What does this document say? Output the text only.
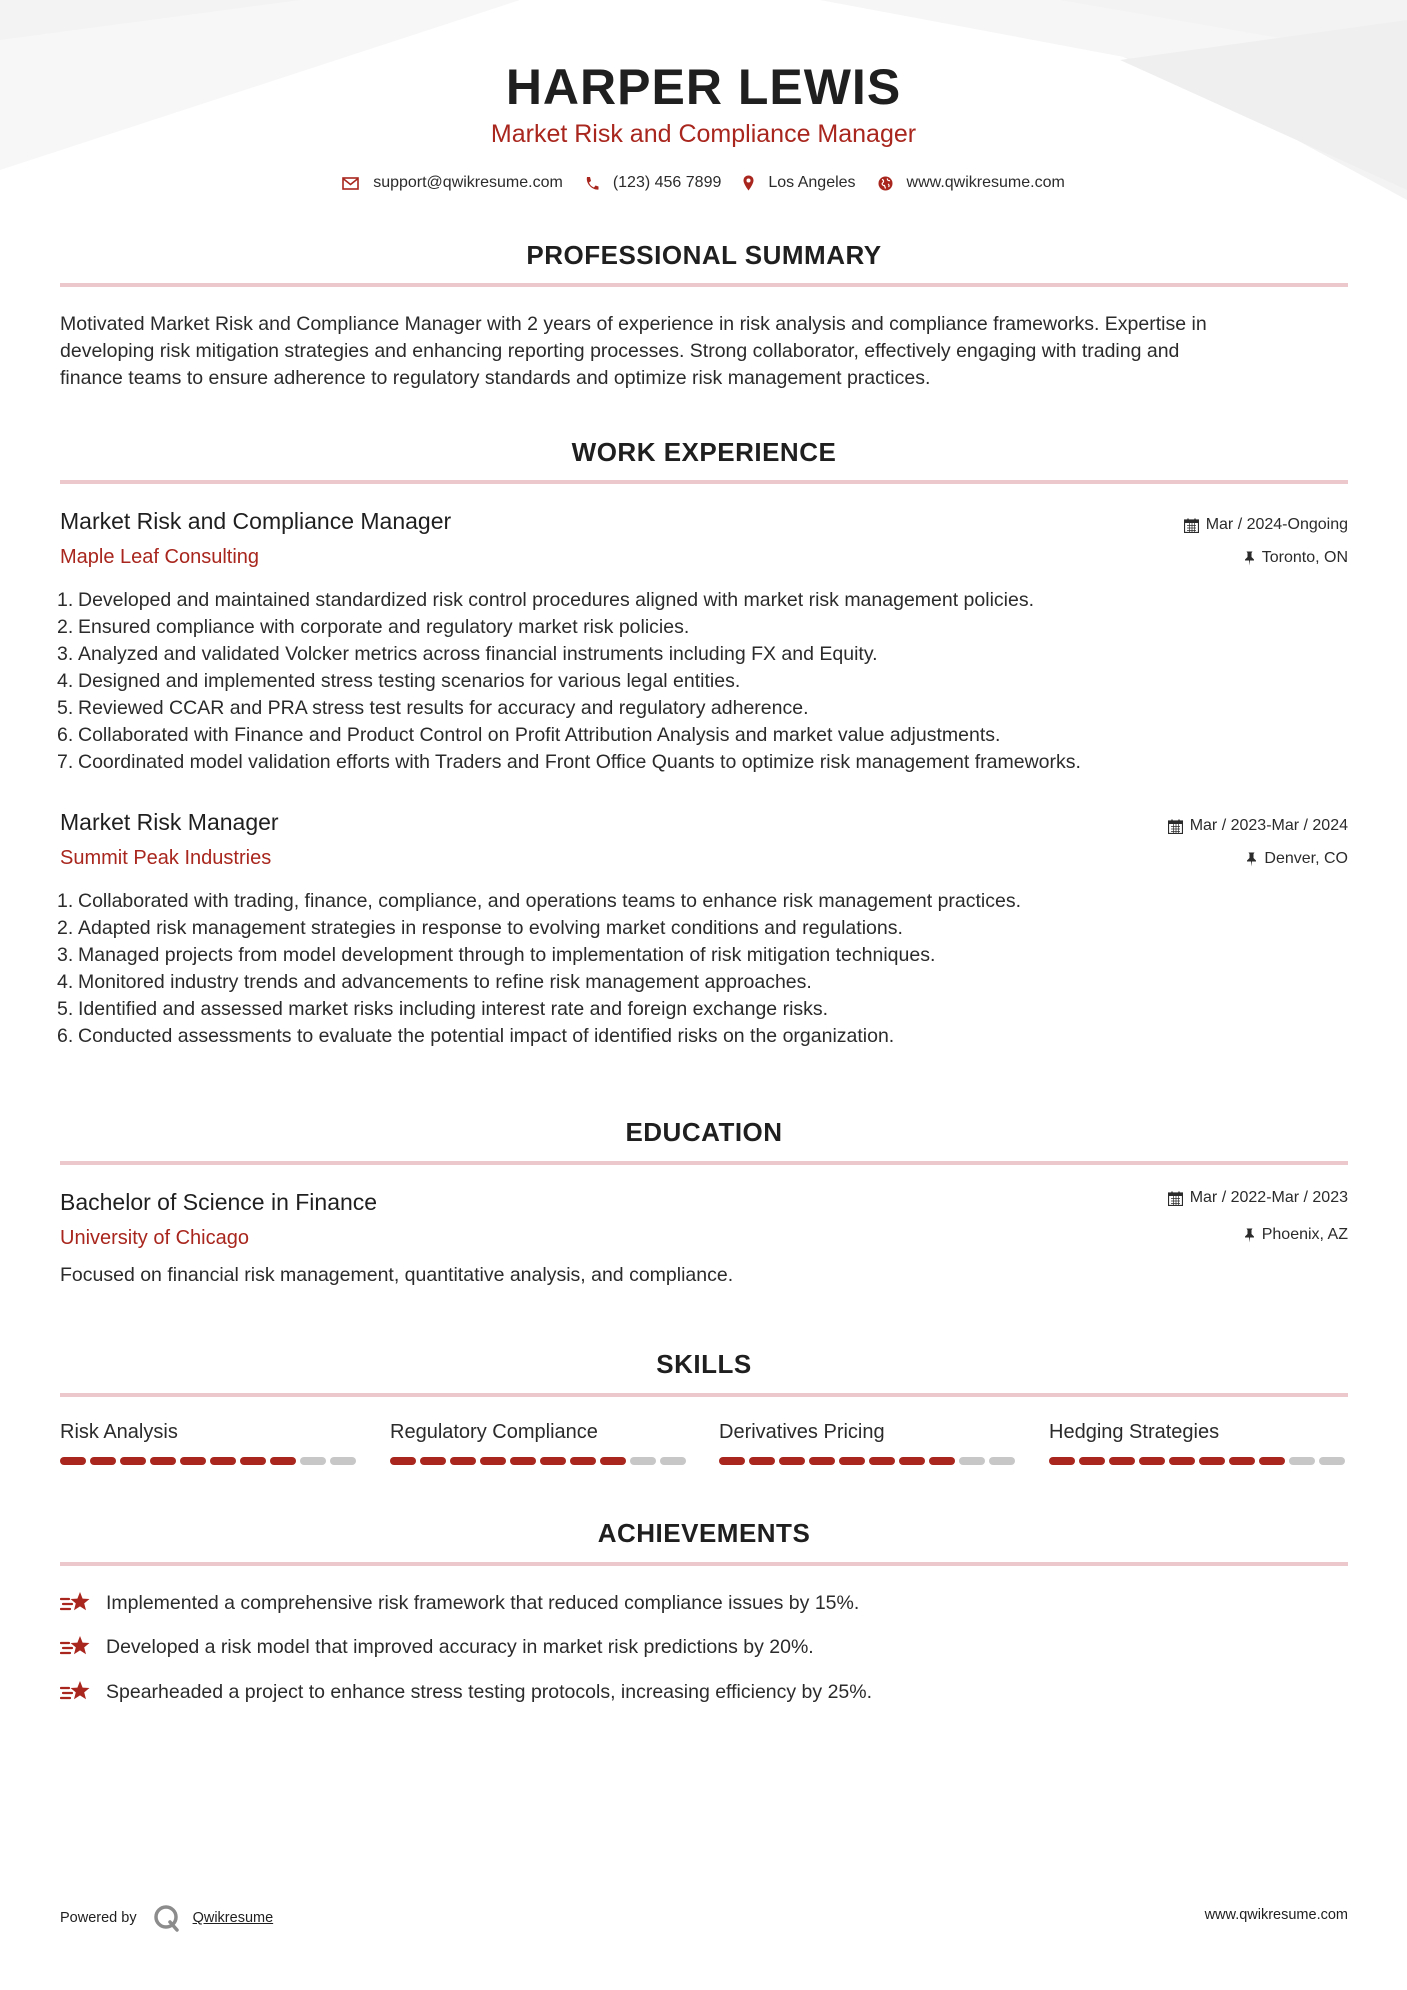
HARPER LEWIS
Market Risk and Compliance Manager
support@qwikresume.com	(123) 456 7899	Los Angeles	www.qwikresume.com
PROFESSIONAL SUMMARY
Motivated Market Risk and Compliance Manager with 2 years of experience in risk analysis and compliance frameworks. Expertise in
developing risk mitigation strategies and enhancing reporting processes. Strong collaborator, effectively engaging with trading and
finance teams to ensure adherence to regulatory standards and optimize risk management practices.
WORK EXPERIENCE
Market Risk and Compliance Manager	Mar / 2024-Ongoing
Maple Leaf Consulting	Toronto, ON
1. Developed and maintained standardized risk control procedures aligned with market risk management policies.
2. Ensured compliance with corporate and regulatory market risk policies.
3. Analyzed and validated Volcker metrics across financial instruments including FX and Equity.
4. Designed and implemented stress testing scenarios for various legal entities.
5. Reviewed CCAR and PRA stress test results for accuracy and regulatory adherence.
6. Collaborated with Finance and Product Control on Profit Attribution Analysis and market value adjustments.
7. Coordinated model validation efforts with Traders and Front Office Quants to optimize risk management frameworks.
Market Risk Manager	Mar / 2023-Mar / 2024
Summit Peak Industries	Denver, CO
1. Collaborated with trading, finance, compliance, and operations teams to enhance risk management practices.
2. Adapted risk management strategies in response to evolving market conditions and regulations.
3. Managed projects from model development through to implementation of risk mitigation techniques.
4. Monitored industry trends and advancements to refine risk management approaches.
5. Identified and assessed market risks including interest rate and foreign exchange risks.
6. Conducted assessments to evaluate the potential impact of identified risks on the organization.
EDUCATION
Bachelor of Science in Finance	Mar / 2022-Mar / 2023
University of Chicago	Phoenix, AZ
Focused on financial risk management, quantitative analysis, and compliance.
SKILLS
Risk Analysis	Regulatory Compliance	Derivatives Pricing	Hedging Strategies
ACHIEVEMENTS
Implemented a comprehensive risk framework that reduced compliance issues by 15%.
Developed a risk model that improved accuracy in market risk predictions by 20%.
Spearheaded a project to enhance stress testing protocols, increasing efficiency by 25%.
Powered by	Qwikresume	www.qwikresume.com
